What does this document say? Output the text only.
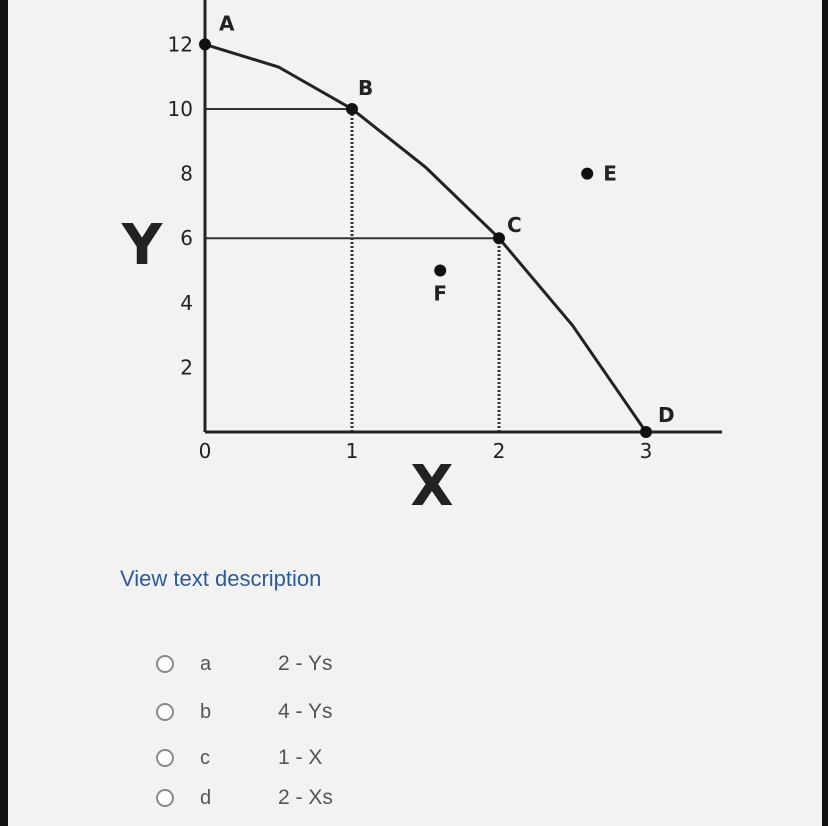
0	1	2	3
2
4
6
8
10
12
A
B
C
D
E
F
Y
X
View text description
a	2 - Ys
b	4 - Ys
c	1 - X
d	2 - Xs
